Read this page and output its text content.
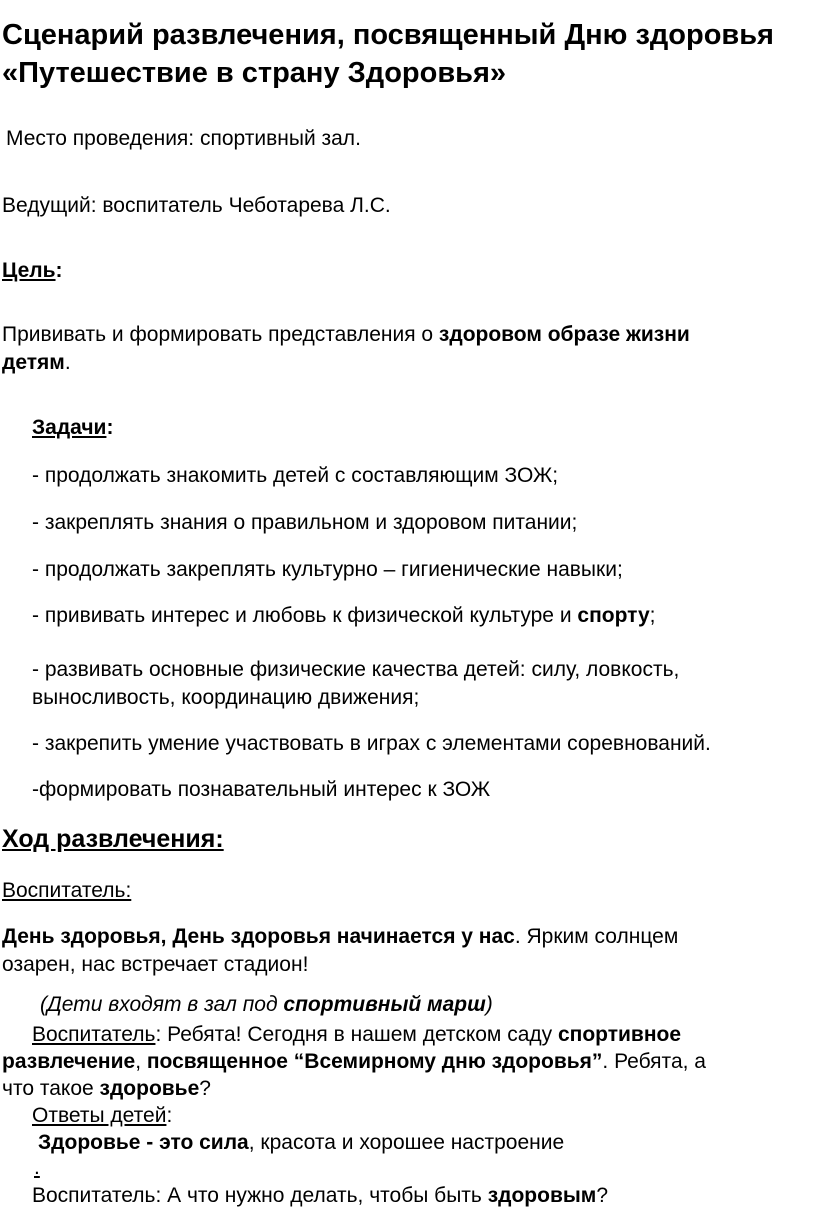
Сценарий развлечения, посвященный Дню здоровья «Путешествие в страну Здоровья»
Место проведения: спортивный зал.
Ведущий: воспитатель Чеботарева Л.С.
Цель:
Прививать и формировать представления о здоровом образе жизни
детям.
Задачи:
- продолжать знакомить детей с составляющим ЗОЖ;
- закреплять знания о правильном и здоровом питании;
- продолжать закреплять культурно – гигиенические навыки;
- прививать интерес и любовь к физической культуре и спорту;
- развивать основные физические качества детей: силу, ловкость,
выносливость, координацию движения;
- закрепить умение участвовать в играх с элементами соревнований.
-формировать познавательный интерес к ЗОЖ
Ход развлечения:
Воспитатель:
День здоровья, День здоровья начинается у нас. Ярким солнцем
озарен, нас встречает стадион!
(Дети входят в зал под спортивный марш)
Воспитатель: Ребята! Сегодня в нашем детском саду спортивное
развлечение, посвященное “Всемирному дню здоровья”. Ребята, а
что такое здоровье?
Ответы детей:
Здоровье - это сила, красота и хорошее настроение
.
Воспитатель: А что нужно делать, чтобы быть здоровым?
